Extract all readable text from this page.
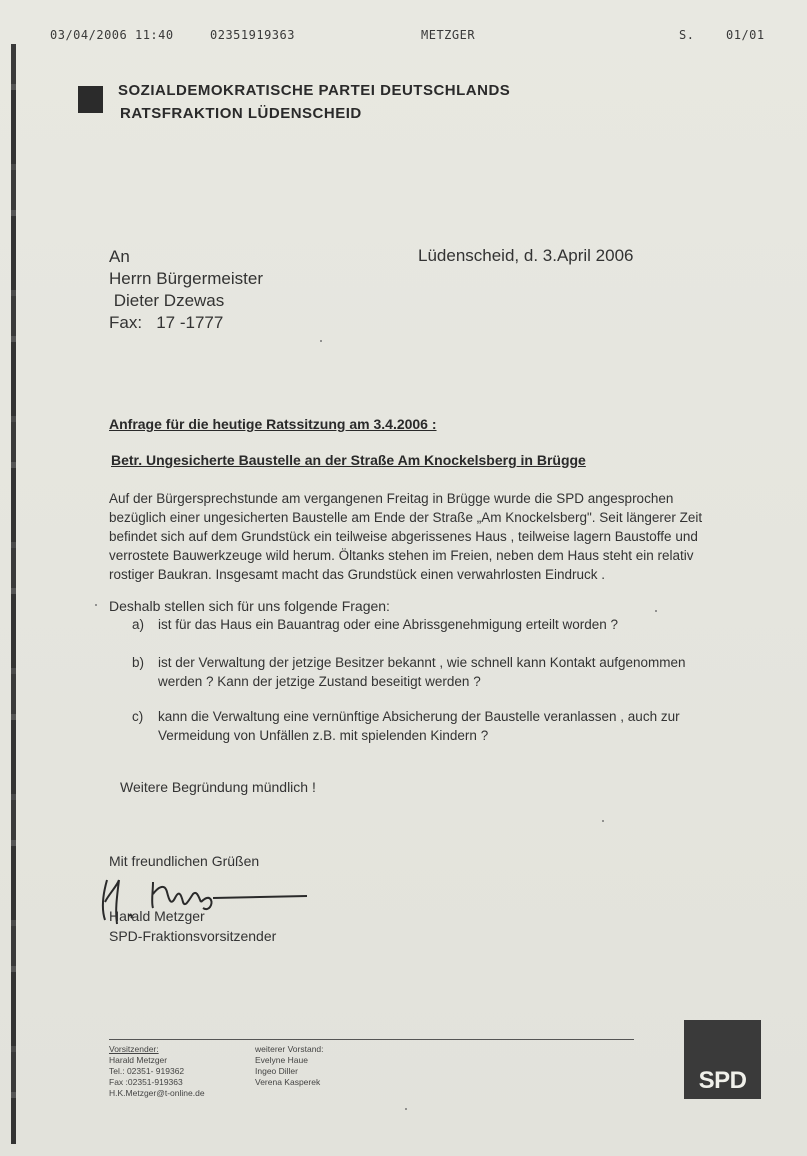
03/04/2006 11:40	02351919363	METZGER	S.	01/01
SOZIALDEMOKRATISCHE PARTEI DEUTSCHLANDS
RATSFRAKTION LÜDENSCHEID
An
Herrn Bürgermeister
Dieter Dzewas
Fax:   17 -1777
Lüdenscheid, d. 3.April 2006
Anfrage für die heutige Ratssitzung am 3.4.2006 :
Betr. Ungesicherte Baustelle an der Straße Am Knockelsberg in Brügge
Auf der Bürgersprechstunde am vergangenen Freitag in Brügge wurde die SPD angesprochen
bezüglich einer ungesicherten Baustelle am Ende der Straße „Am Knockelsberg". Seit längerer Zeit
befindet sich auf dem Grundstück ein teilweise abgerissenes Haus , teilweise lagern Baustoffe und
verrostete Bauwerkzeuge wild herum. Öltanks stehen im Freien, neben dem Haus steht ein relativ
rostiger Baukran. Insgesamt macht das Grundstück einen verwahrlosten Eindruck .
Deshalb stellen sich für uns folgende Fragen:
a) ist für das Haus ein Bauantrag oder eine Abrissgenehmigung erteilt worden ?
b) ist der Verwaltung der jetzige Besitzer bekannt , wie schnell kann Kontakt aufgenommen
werden ? Kann der jetzige Zustand beseitigt werden ?
c) kann die Verwaltung eine vernünftige Absicherung der Baustelle veranlassen , auch zur
Vermeidung von Unfällen z.B. mit spielenden Kindern ?
Weitere Begründung mündlich !
Mit freundlichen Grüßen
Harald Metzger
SPD-Fraktionsvorsitzender
Vorsitzender:
Harald Metzger
Tel.: 02351- 919362
Fax :02351-919363
H.K.Metzger@t-online.de
weiterer Vorstand:
Evelyne Haue
Ingeo Diller
Verena Kasperek	SPD
